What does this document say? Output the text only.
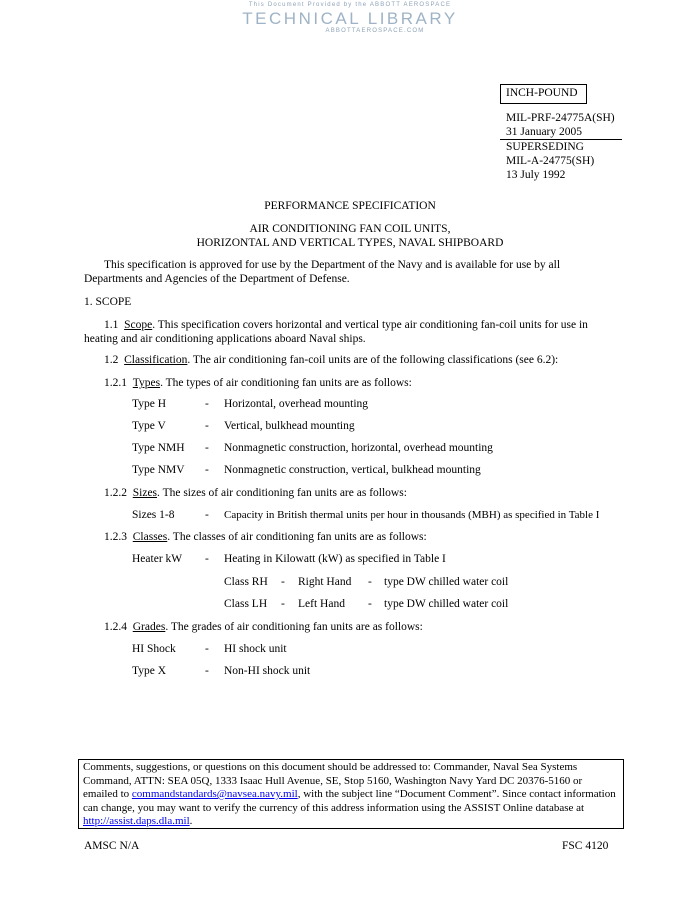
This Document Provided by the ABBOTT AEROSPACE
TECHNICAL LIBRARY
ABBOTTAEROSPACE.COM
INCH-POUND
MIL-PRF-24775A(SH)
31 January 2005
SUPERSEDING
MIL-A-24775(SH)
13 July 1992
PERFORMANCE SPECIFICATION
AIR CONDITIONING FAN COIL UNITS,
HORIZONTAL AND VERTICAL TYPES, NAVAL SHIPBOARD
This specification is approved for use by the Department of the Navy and is available for use by all Departments and Agencies of the Department of Defense.
1. SCOPE
1.1 Scope. This specification covers horizontal and vertical type air conditioning fan-coil units for use in heating and air conditioning applications aboard Naval ships.
1.2 Classification. The air conditioning fan-coil units are of the following classifications (see 6.2):
1.2.1 Types. The types of air conditioning fan units are as follows:
Type H	- Horizontal, overhead mounting
Type V	- Vertical, bulkhead mounting
Type NMH - Nonmagnetic construction, horizontal, overhead mounting
Type NMV - Nonmagnetic construction, vertical, bulkhead mounting
1.2.2 Sizes. The sizes of air conditioning fan units are as follows:
Sizes 1-8	- Capacity in British thermal units per hour in thousands (MBH) as specified in Table I
1.2.3 Classes. The classes of air conditioning fan units are as follows:
Heater kW - Heating in Kilowatt (kW) as specified in Table I
Class RH - Right Hand - type DW chilled water coil
Class LH - Left Hand - type DW chilled water coil
1.2.4 Grades. The grades of air conditioning fan units are as follows:
HI Shock	- HI shock unit
Type X	- Non-HI shock unit
Comments, suggestions, or questions on this document should be addressed to: Commander, Naval Sea Systems Command, ATTN: SEA 05Q, 1333 Isaac Hull Avenue, SE, Stop 5160, Washington Navy Yard DC 20376-5160 or emailed to commandstandards@navsea.navy.mil, with the subject line “Document Comment”. Since contact information can change, you may want to verify the currency of this address information using the ASSIST Online database at http://assist.daps.dla.mil.
AMSC N/A	FSC 4120
